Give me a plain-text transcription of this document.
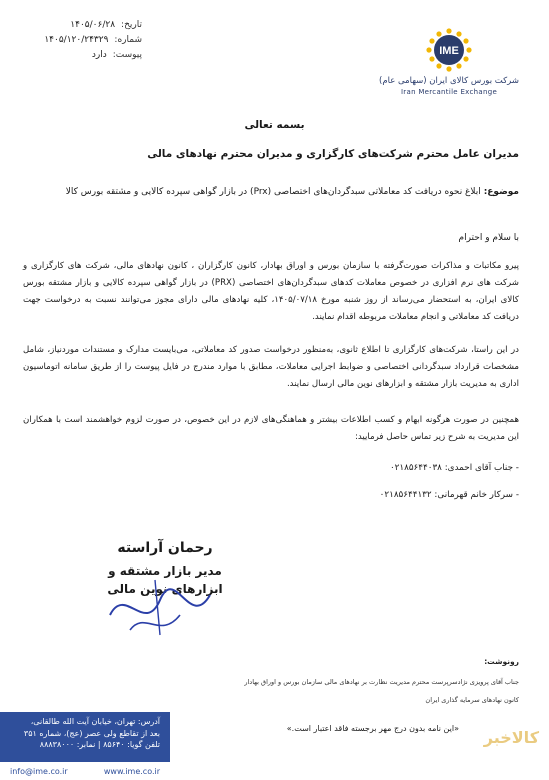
تاریخ:
۱۴۰۵/۰۶/۲۸
شماره:
۱۴۰۵/۱۲۰/۲۴۳۲۹
پیوست:
دارد	IME
شرکت بورس کالای ایران (سهامی عام)
Iran Mercantile Exchange
بسمه تعالی
مدیران عامل محترم شرکت‌های کارگزاری و مدیران محترم نهادهای مالی
موضوع: ابلاغ نحوه دریافت کد معاملاتی سبدگردان‌های اختصاصی (Prx) در بازار گواهی سپرده کالایی و مشتقه بورس کالا
با سلام و احترام
پیرو مکاتبات و مذاکرات صورت‌گرفته با سازمان بورس و اوراق بهادار، کانون کارگزاران ، کانون نهادهای مالی، شرکت های کارگزاری و شرکت های نرم افزاری در خصوص معاملات کدهای سبدگردان‌های اختصاصی (PRX) در بازار گواهی سپرده کالایی و بازار مشتقه بورس کالای ایران، به استحضار می‌رساند از روز شنبه مورخ ۱۴۰۵/۰۷/۱۸، کلیه نهادهای مالی دارای مجوز می‌توانند نسبت به درخواست جهت دریافت کد معاملاتی و انجام معاملات مربوطه اقدام نمایند.
در این راستا، شرکت‌های کارگزاری تا اطلاع ثانوی، به‌منظور درخواست صدور کد معاملاتی، می‌بایست مدارک و مستندات موردنیاز، شامل مشخصات قرارداد سبدگردانی اختصاصی و ضوابط اجرایی معاملات، مطابق با موارد مندرج در فایل پیوست را از طریق سامانه اتوماسیون اداری به مدیریت بازار مشتقه و ابزارهای نوین مالی ارسال نمایند.
همچنین در صورت هرگونه ابهام و کسب اطلاعات بیشتر و هماهنگی‌های لازم در این خصوص، در صورت لزوم خواهشمند است با همکاران این مدیریت به شرح زیر تماس حاصل فرمایید:
- جناب آقای احمدی: ۰۲۱۸۵۶۴۴۰۳۸
- سرکار خانم قهرمانی: ۰۲۱۸۵۶۴۴۱۳۲
رحمان آراسته
مدیر بازار مشتقه و
ابزارهای نوین مالی
رونوشت:
جناب آقای پرویزی نژادسرپرست محترم مدیریت نظارت بر نهادهای مالی سازمان بورس و اوراق بهادار
کانون نهادهای سرمایه گذاری ایران
«این نامه بدون درج مهر برجسته فاقد اعتبار است.»
آدرس: تهران، خیابان آیت الله طالقانی،
بعد از تقاطع ولی عصر (عج)، شماره ۳۵۱
تلفن گویا: ۸۵۶۴۰ | نمابر: ۸۸۸۳۸۰۰۰
info@ime.co.ir	www.ime.co.ir
کالاخبر
